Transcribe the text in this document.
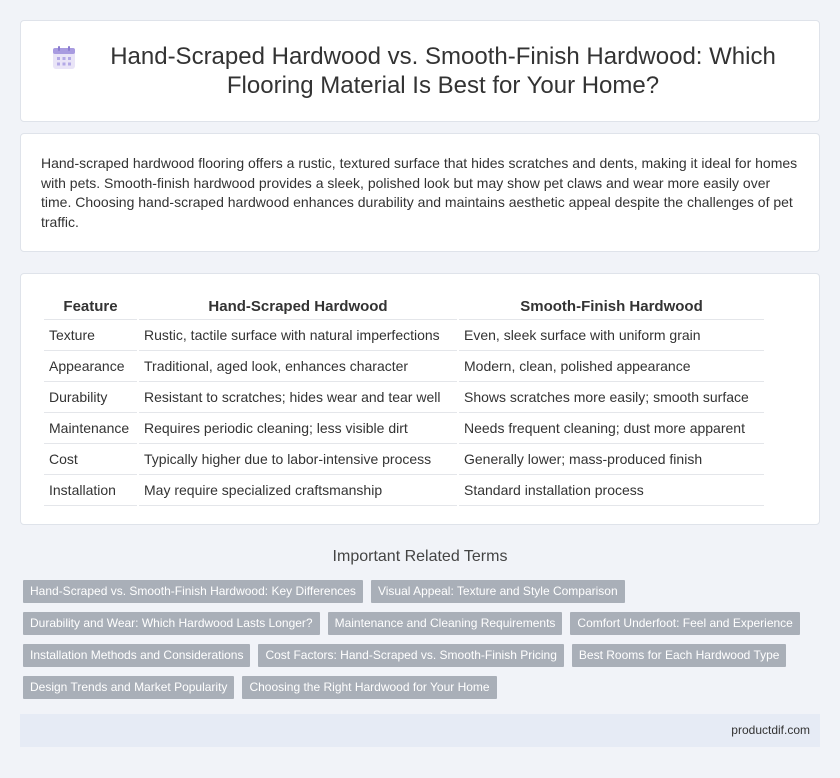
Hand-Scraped Hardwood vs. Smooth-Finish Hardwood: Which Flooring Material Is Best for Your Home?

Hand-scraped hardwood flooring offers a rustic, textured surface that hides scratches and dents, making it ideal for homes with pets. Smooth-finish hardwood provides a sleek, polished look but may show pet claws and wear more easily over time. Choosing hand-scraped hardwood enhances durability and maintains aesthetic appeal despite the challenges of pet traffic.

Feature	Hand-Scraped Hardwood	Smooth-Finish Hardwood
Texture	Rustic, tactile surface with natural imperfections	Even, sleek surface with uniform grain
Appearance	Traditional, aged look, enhances character	Modern, clean, polished appearance
Durability	Resistant to scratches; hides wear and tear well	Shows scratches more easily; smooth surface
Maintenance	Requires periodic cleaning; less visible dirt	Needs frequent cleaning; dust more apparent
Cost	Typically higher due to labor-intensive process	Generally lower; mass-produced finish
Installation	May require specialized craftsmanship	Standard installation process
Important Related Terms
Hand-Scraped vs. Smooth-Finish Hardwood: Key Differences	Visual Appeal: Texture and Style Comparison
Durability and Wear: Which Hardwood Lasts Longer?	Maintenance and Cleaning Requirements	Comfort Underfoot: Feel and Experience
Installation Methods and Considerations	Cost Factors: Hand-Scraped vs. Smooth-Finish Pricing	Best Rooms for Each Hardwood Type
Design Trends and Market Popularity	Choosing the Right Hardwood for Your Home
productdif.com
